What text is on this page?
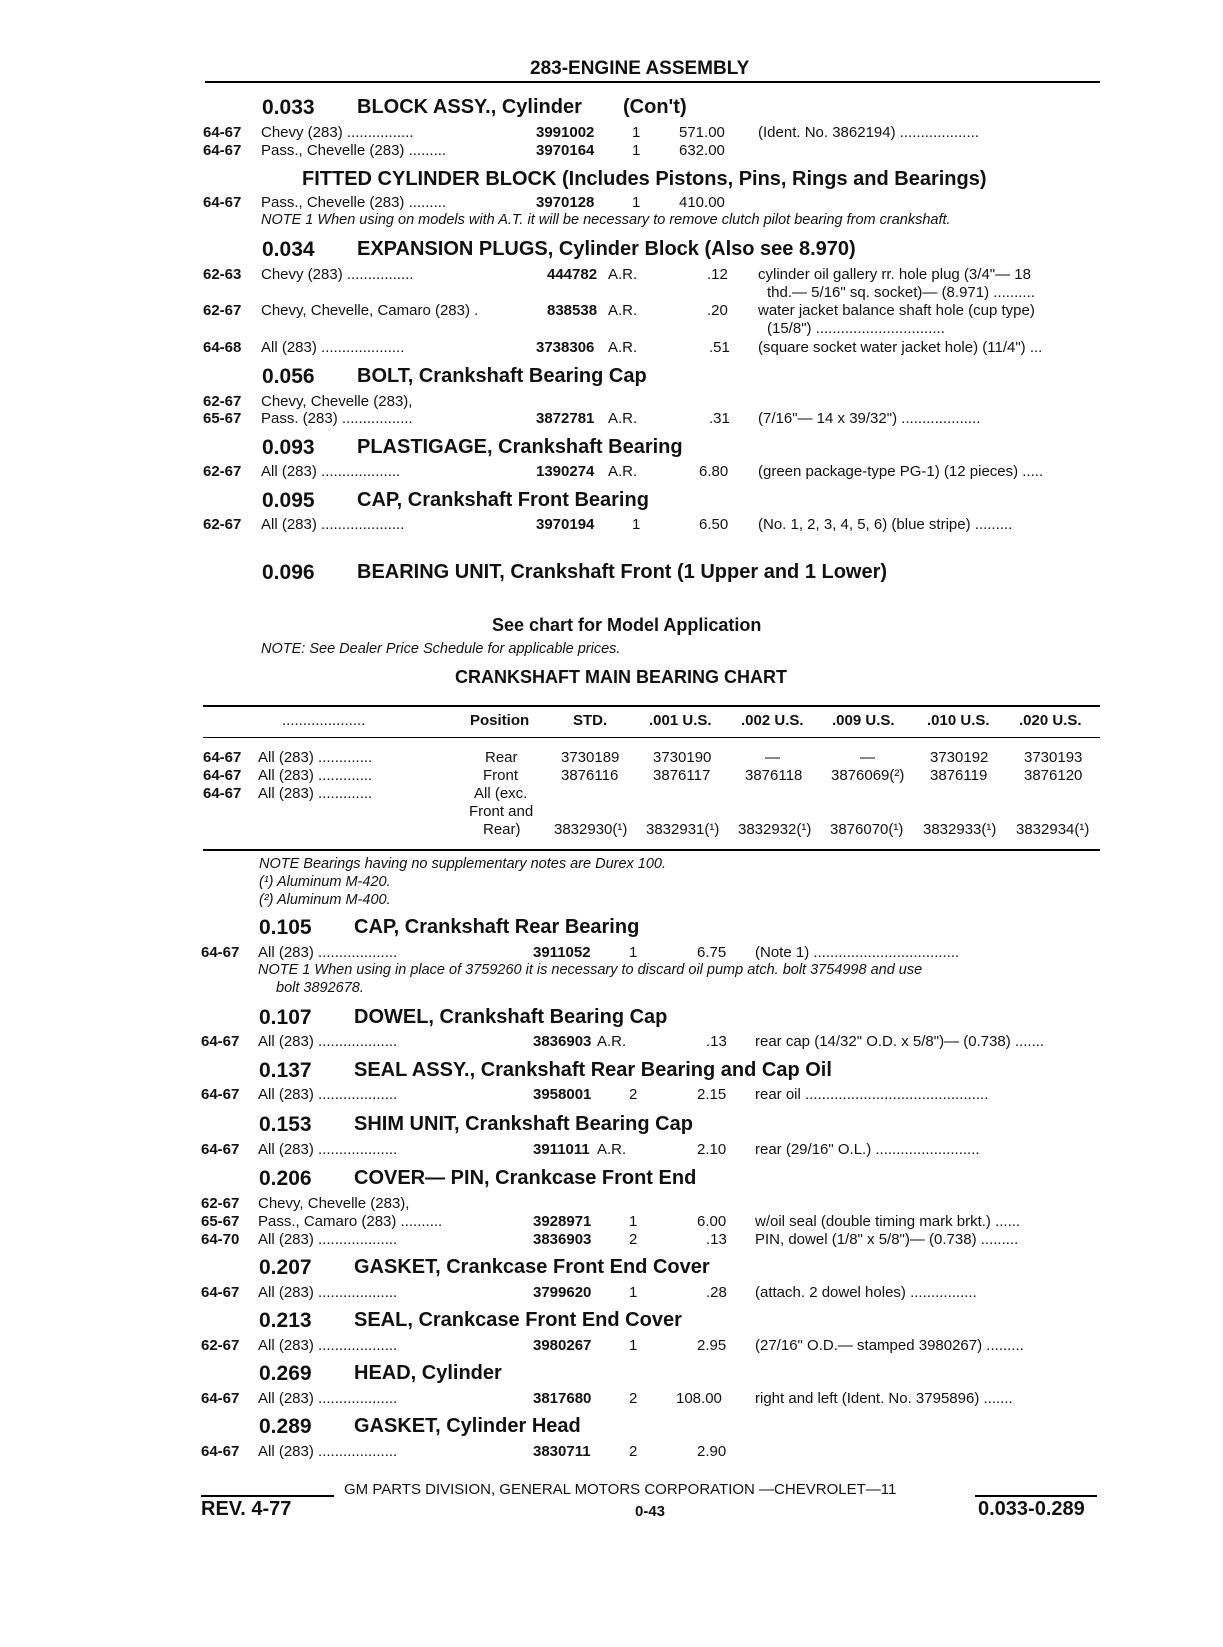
283-ENGINE ASSEMBLY
0.033 BLOCK ASSY., Cylinder (Con't)
64-67 Chevy (283) ................	3991002	1	571.00 (Ident. No. 3862194) ...................
64-67 Pass., Chevelle (283) .........	3970164	1	632.00
FITTED CYLINDER BLOCK (Includes Pistons, Pins, Rings and Bearings)
64-67 Pass., Chevelle (283) .........	3970128	1	410.00
NOTE 1 When using on models with A.T. it will be necessary to remove clutch pilot bearing from crankshaft.
0.034 EXPANSION PLUGS, Cylinder Block (Also see 8.970)
62-63 Chevy (283) ................	444782 A.R.	.12 cylinder oil gallery rr. hole plug (3/4"— 18
thd.— 5/16" sq. socket)— (8.971) ..........
62-67 Chevy, Chevelle, Camaro (283) .	838538 A.R.	.20 water jacket balance shaft hole (cup type)
(15/8") ...............................
64-68 All (283) ....................	3738306 A.R.	.51 (square socket water jacket hole) (11/4") ...
0.056 BOLT, Crankshaft Bearing Cap
62-67 Chevy, Chevelle (283),
65-67 Pass. (283) .................	3872781 A.R.	.31 (7/16"— 14 x 39/32") ...................
0.093 PLASTIGAGE, Crankshaft Bearing
62-67 All (283) ...................	1390274 A.R.	6.80 (green package-type PG-1) (12 pieces) .....
0.095 CAP, Crankshaft Front Bearing
62-67 All (283) ....................	3970194	1	6.50 (No. 1, 2, 3, 4, 5, 6) (blue stripe) .........
0.096 BEARING UNIT, Crankshaft Front (1 Upper and 1 Lower)
See chart for Model Application
NOTE: See Dealer Price Schedule for applicable prices.
CRANKSHAFT MAIN BEARING CHART
....................	Position	STD.	.001 U.S. .002 U.S. .009 U.S. .010 U.S. .020 U.S.
64-67 All (283) .............	Rear	3730189 3730190	—	—	3730192 3730193
64-67 All (283) .............	Front	3876116 3876117 3876118 3876069(²) 3876119 3876120
64-67 All (283) .............	All (exc.
Front and
Rear) 3832930(¹) 3832931(¹) 3832932(¹) 3876070(¹) 3832933(¹) 3832934(¹)
NOTE Bearings having no supplementary notes are Durex 100.
(¹) Aluminum M-420.
(²) Aluminum M-400.
0.105 CAP, Crankshaft Rear Bearing
64-67 All (283) ...................	3911052	1	6.75 (Note 1) ...................................
NOTE 1 When using in place of 3759260 it is necessary to discard oil pump atch. bolt 3754998 and use
bolt 3892678.
0.107 DOWEL, Crankshaft Bearing Cap
64-67 All (283) ...................	3836903 A.R.	.13 rear cap (14/32" O.D. x 5/8")— (0.738) .......
0.137 SEAL ASSY., Crankshaft Rear Bearing and Cap Oil
64-67 All (283) ...................	3958001	2	2.15 rear oil ............................................
0.153 SHIM UNIT, Crankshaft Bearing Cap
64-67 All (283) ...................	3911011 A.R.	2.10 rear (29/16" O.L.) .........................
0.206 COVER— PIN, Crankcase Front End
62-67 Chevy, Chevelle (283),
65-67 Pass., Camaro (283) ..........	3928971	1	6.00 w/oil seal (double timing mark brkt.) ......
64-70 All (283) ...................	3836903	2	.13 PIN, dowel (1/8" x 5/8")— (0.738) .........
0.207 GASKET, Crankcase Front End Cover
64-67 All (283) ...................	3799620	1	.28 (attach. 2 dowel holes) ................
0.213 SEAL, Crankcase Front End Cover
62-67 All (283) ...................	3980267	1	2.95 (27/16" O.D.— stamped 3980267) .........
0.269 HEAD, Cylinder
64-67 All (283) ...................	3817680	2	108.00 right and left (Ident. No. 3795896) .......
0.289 GASKET, Cylinder Head
64-67 All (283) ...................	3830711	2	2.90
GM PARTS DIVISION, GENERAL MOTORS CORPORATION —CHEVROLET—11
REV. 4-77	0-43	0.033-0.289
